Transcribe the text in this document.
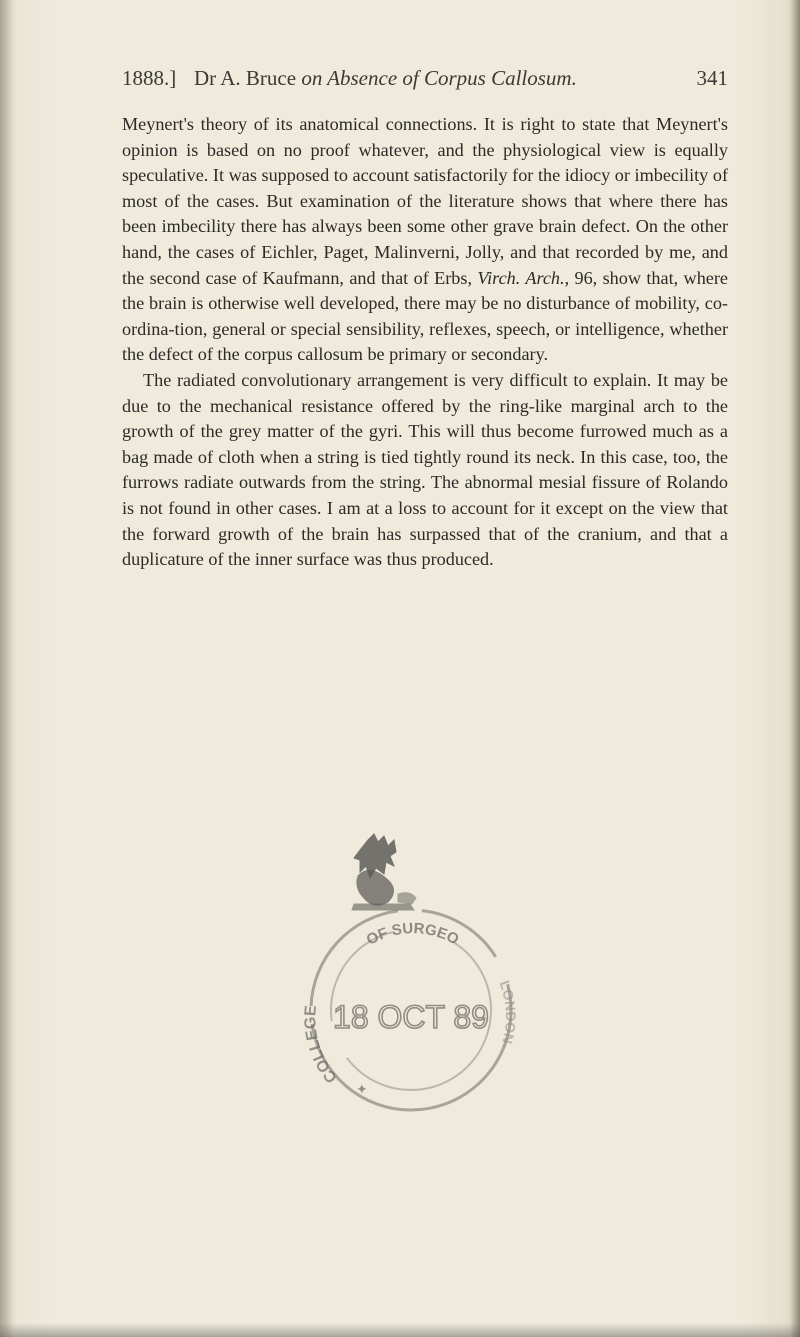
1888.] Dr A. Bruce on Absence of Corpus Callosum.	341

Meynert's theory of its anatomical connections. It is right to state that Meynert's opinion is based on no proof whatever, and the physiological view is equally speculative. It was supposed to account satisfactorily for the idiocy or imbecility of most of the cases. But examination of the literature shows that where there has been imbecility there has always been some other grave brain defect. On the other hand, the cases of Eichler, Paget, Malinverni, Jolly, and that recorded by me, and the second case of Kaufmann, and that of Erbs, Virch. Arch., 96, show that, where the brain is otherwise well developed, there may be no disturbance of mobility, co-ordina-tion, general or special sensibility, reflexes, speech, or intelligence, whether the defect of the corpus callosum be primary or secondary.

The radiated convolutionary arrangement is very difficult to explain. It may be due to the mechanical resistance offered by the ring-like marginal arch to the growth of the grey matter of the gyri. This will thus become furrowed much as a bag made of cloth when a string is tied tightly round its neck. In this case, too, the furrows radiate outwards from the string. The abnormal mesial fissure of Rolando is not found in other cases. I am at a loss to account for it except on the view that the forward growth of the brain has surpassed that of the cranium, and that a duplicature of the inner surface was thus produced.

OF SURGEO
COLLEGE
LONDON
18 OCT 89
✦
